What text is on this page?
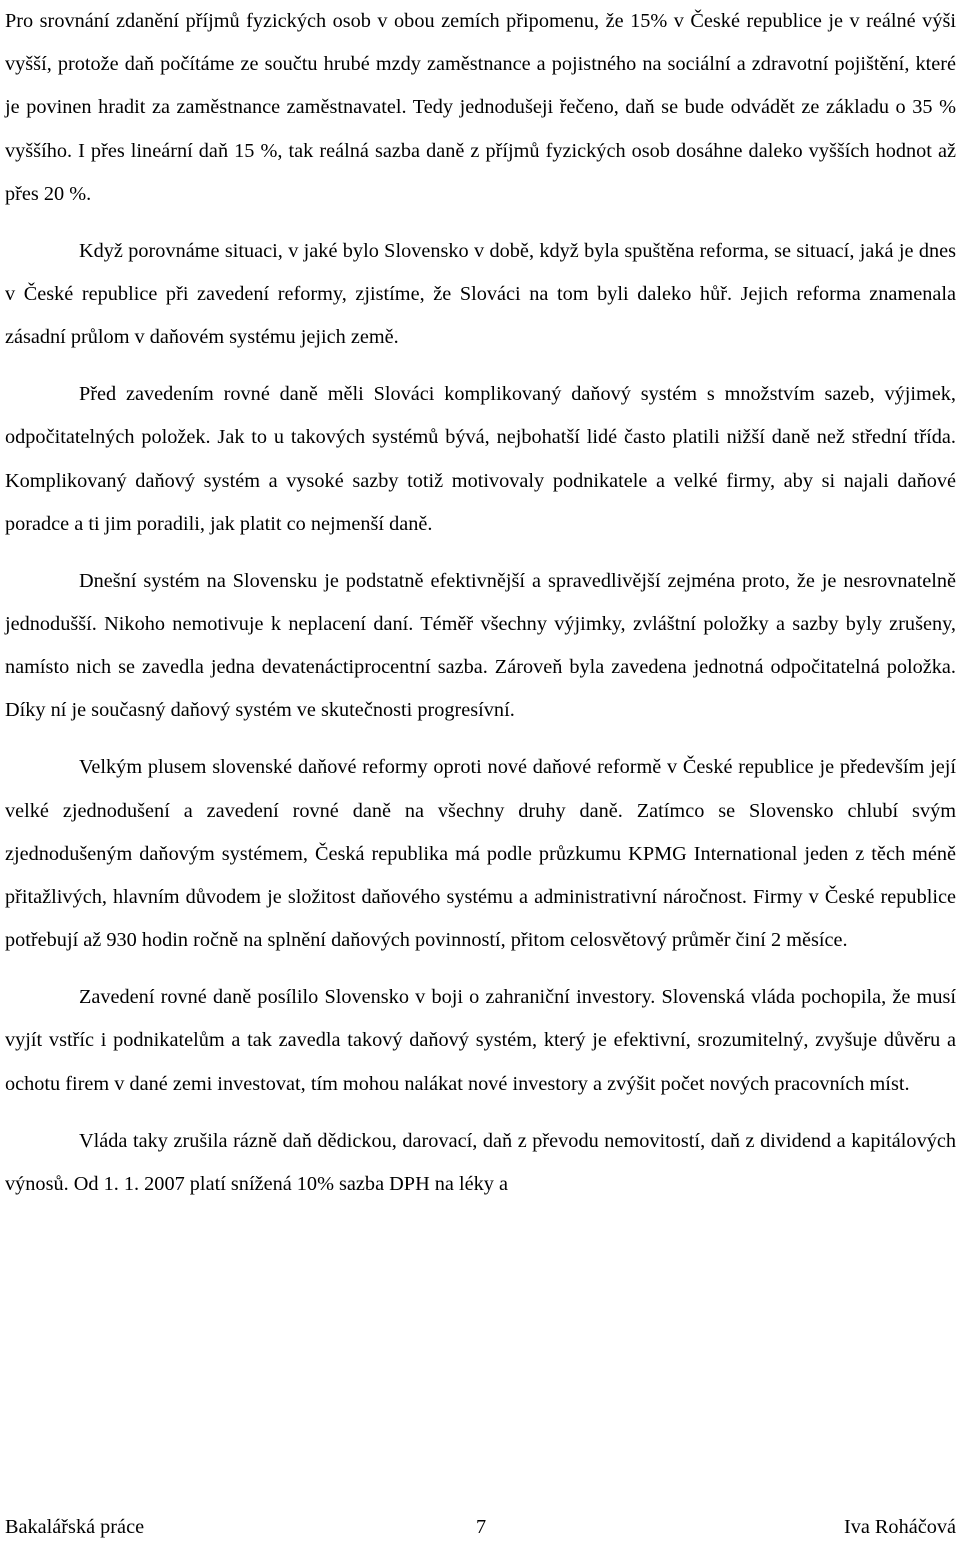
Pro srovnání zdanění příjmů fyzických osob v obou zemích připomenu, že 15% v České republice je v reálné výši vyšší, protože daň počítáme ze součtu hrubé mzdy zaměstnance a pojistného na sociální a zdravotní pojištění, které je povinen hradit za zaměstnance zaměstnavatel. Tedy jednodušeji řečeno, daň se bude odvádět ze základu o 35 % vyššího. I přes lineární daň 15 %, tak reálná sazba daně z příjmů fyzických osob dosáhne daleko vyšších hodnot až přes 20 %.

Když porovnáme situaci, v jaké bylo Slovensko v době, když byla spuštěna reforma, se situací, jaká je dnes v České republice při zavedení reformy, zjistíme, že Slováci na tom byli daleko hůř. Jejich reforma znamenala zásadní průlom v daňovém systému jejich země.

Před zavedením rovné daně měli Slováci komplikovaný daňový systém s množstvím sazeb, výjimek, odpočitatelných položek. Jak to u takových systémů bývá, nejbohatší lidé často platili nižší daně než střední třída. Komplikovaný daňový systém a vysoké sazby totiž motivovaly podnikatele a velké firmy, aby si najali daňové poradce a ti jim poradili, jak platit co nejmenší daně.

Dnešní systém na Slovensku je podstatně efektivnější a spravedlivější zejména proto, že je nesrovnatelně jednodušší. Nikoho nemotivuje k neplacení daní. Téměř všechny výjimky, zvláštní položky a sazby byly zrušeny, namísto nich se zavedla jedna devatenáctiprocentní sazba. Zároveň byla zavedena jednotná odpočitatelná položka. Díky ní je současný daňový systém ve skutečnosti progresívní.

Velkým plusem slovenské daňové reformy oproti nové daňové reformě v České republice je především její velké zjednodušení a zavedení rovné daně na všechny druhy daně. Zatímco se Slovensko chlubí svým zjednodušeným daňovým systémem, Česká republika má podle průzkumu KPMG International jeden z těch méně přitažlivých, hlavním důvodem je složitost daňového systému a administrativní náročnost. Firmy v České republice potřebují až 930 hodin ročně na splnění daňových povinností, přitom celosvětový průměr činí 2 měsíce.

Zavedení rovné daně posílilo Slovensko v boji o zahraniční investory. Slovenská vláda pochopila, že musí vyjít vstříc i podnikatelům a tak zavedla takový daňový systém, který je efektivní, srozumitelný, zvyšuje důvěru a ochotu firem v dané zemi investovat, tím mohou nalákat nové investory a zvýšit počet nových pracovních míst.

Vláda taky zrušila rázně daň dědickou, darovací, daň z převodu nemovitostí, daň z dividend a kapitálových výnosů. Od 1. 1. 2007 platí snížená 10% sazba DPH na léky a

Bakalářská práce	7	Iva Roháčová
